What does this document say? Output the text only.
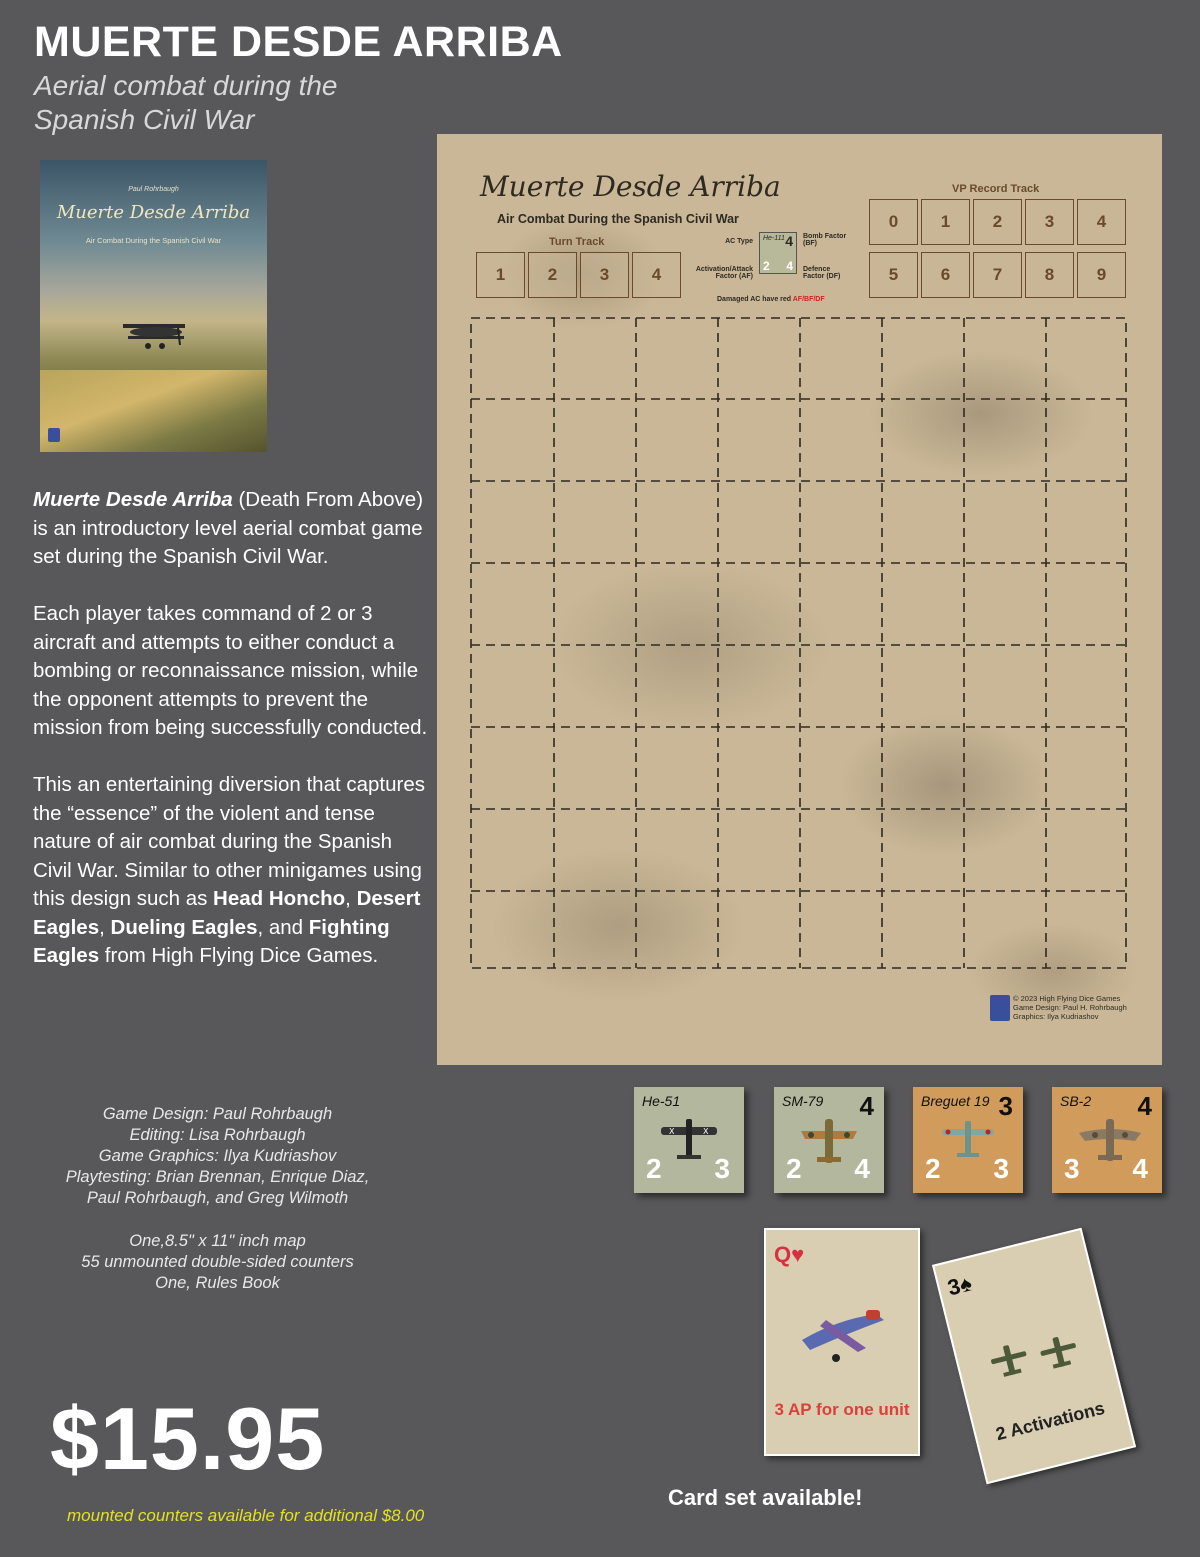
MUERTE DESDE ARRIBA
Aerial combat during the
Spanish Civil War
Paul Rohrbaugh
Muerte Desde Arriba
Air Combat During the Spanish Civil War

Muerte Desde Arriba (Death From Above) is an introductory level aerial combat game set during the Spanish Civil War.

Each player takes command of 2 or 3 aircraft and attempts to either conduct a bombing or reconnaissance mission, while the opponent attempts to prevent the mission from being successfully conducted.

This an entertaining diversion that captures the “essence” of the violent and tense nature of air combat during the Spanish Civil War. Similar to other minigames using this design such as Head Honcho, Desert Eagles, Dueling Eagles, and Fighting Eagles from High Flying Dice Games.

Game Design: Paul Rohrbaugh
Editing: Lisa Rohrbaugh
Game Graphics: Ilya Kudriashov
Playtesting: Brian Brennan, Enrique Diaz,
Paul Rohrbaugh, and Greg Wilmoth
One,8.5" x 11" inch map
55 unmounted double-sided counters
One, Rules Book
$15.95
mounted counters available for additional $8.00
Muerte Desde Arriba
Air Combat During the Spanish Civil War
Turn Track
VP Record Track
1	2	3	4
0	1	2	3	4
5	6	7	8	9
AC Type
Activation/Attack Factor (AF)
Bomb Factor (BF)
Defence Factor (DF)
He-111 4
2 4
Damaged AC have red AF/BF/DF
© 2023 High Flying Dice Games
Game Design: Paul H. Rohrbaugh
Graphics: Ilya Kudriashov
He-51
X	X
2 3
SM-79 4
2 4
Breguet 19 3
2 3
SB-2 4
3 4
3♠
2 Activations
Q♥
3 AP for one unit
Card set available!
